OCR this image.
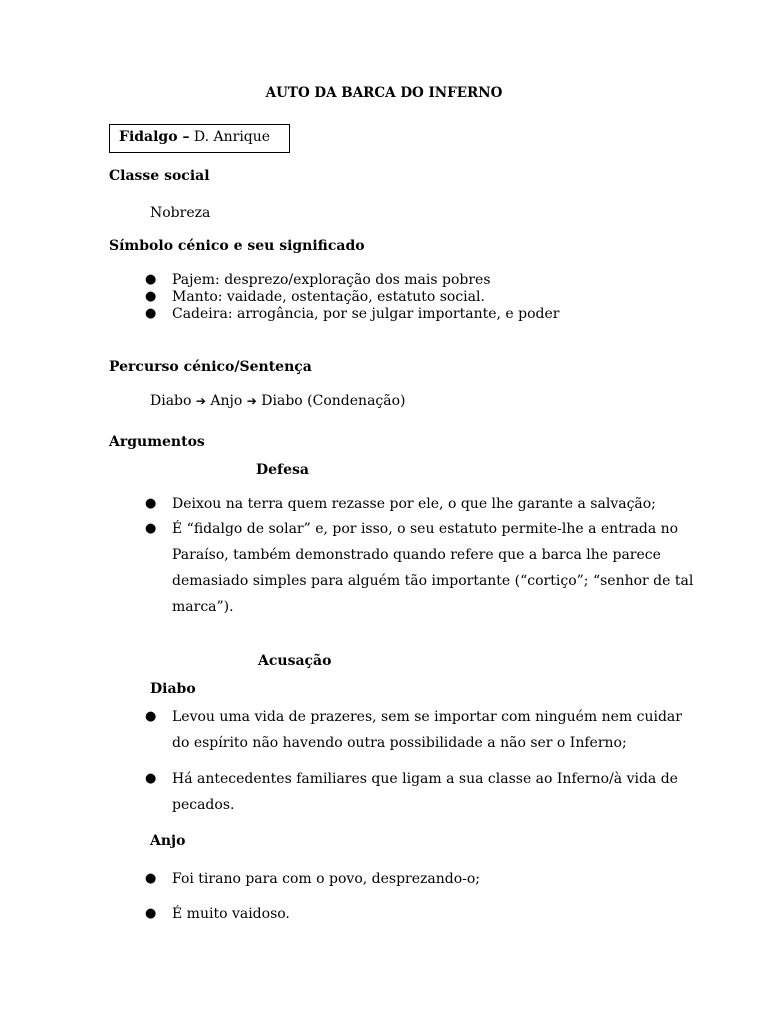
AUTO DA BARCA DO INFERNO
Fidalgo – D. Anrique
Classe social
Nobreza
Símbolo cénico e seu significado
● Pajem: desprezo/exploração dos mais pobres
● Manto: vaidade, ostentação, estatuto social.
● Cadeira: arrogância, por se julgar importante, e poder
Percurso cénico/Sentença
Diabo ➔ Anjo ➔ Diabo (Condenação)
Argumentos
Defesa
● Deixou na terra quem rezasse por ele, o que lhe garante a salvação;
● É “fidalgo de solar” e, por isso, o seu estatuto permite-lhe a entrada no
Paraíso, também demonstrado quando refere que a barca lhe parece
demasiado simples para alguém tão importante (“cortiço”; “senhor de tal
marca”).
Acusação
Diabo
● Levou uma vida de prazeres, sem se importar com ninguém nem cuidar
do espírito não havendo outra possibilidade a não ser o Inferno;
● Há antecedentes familiares que ligam a sua classe ao Inferno/à vida de
pecados.
Anjo
● Foi tirano para com o povo, desprezando-o;
● É muito vaidoso.
